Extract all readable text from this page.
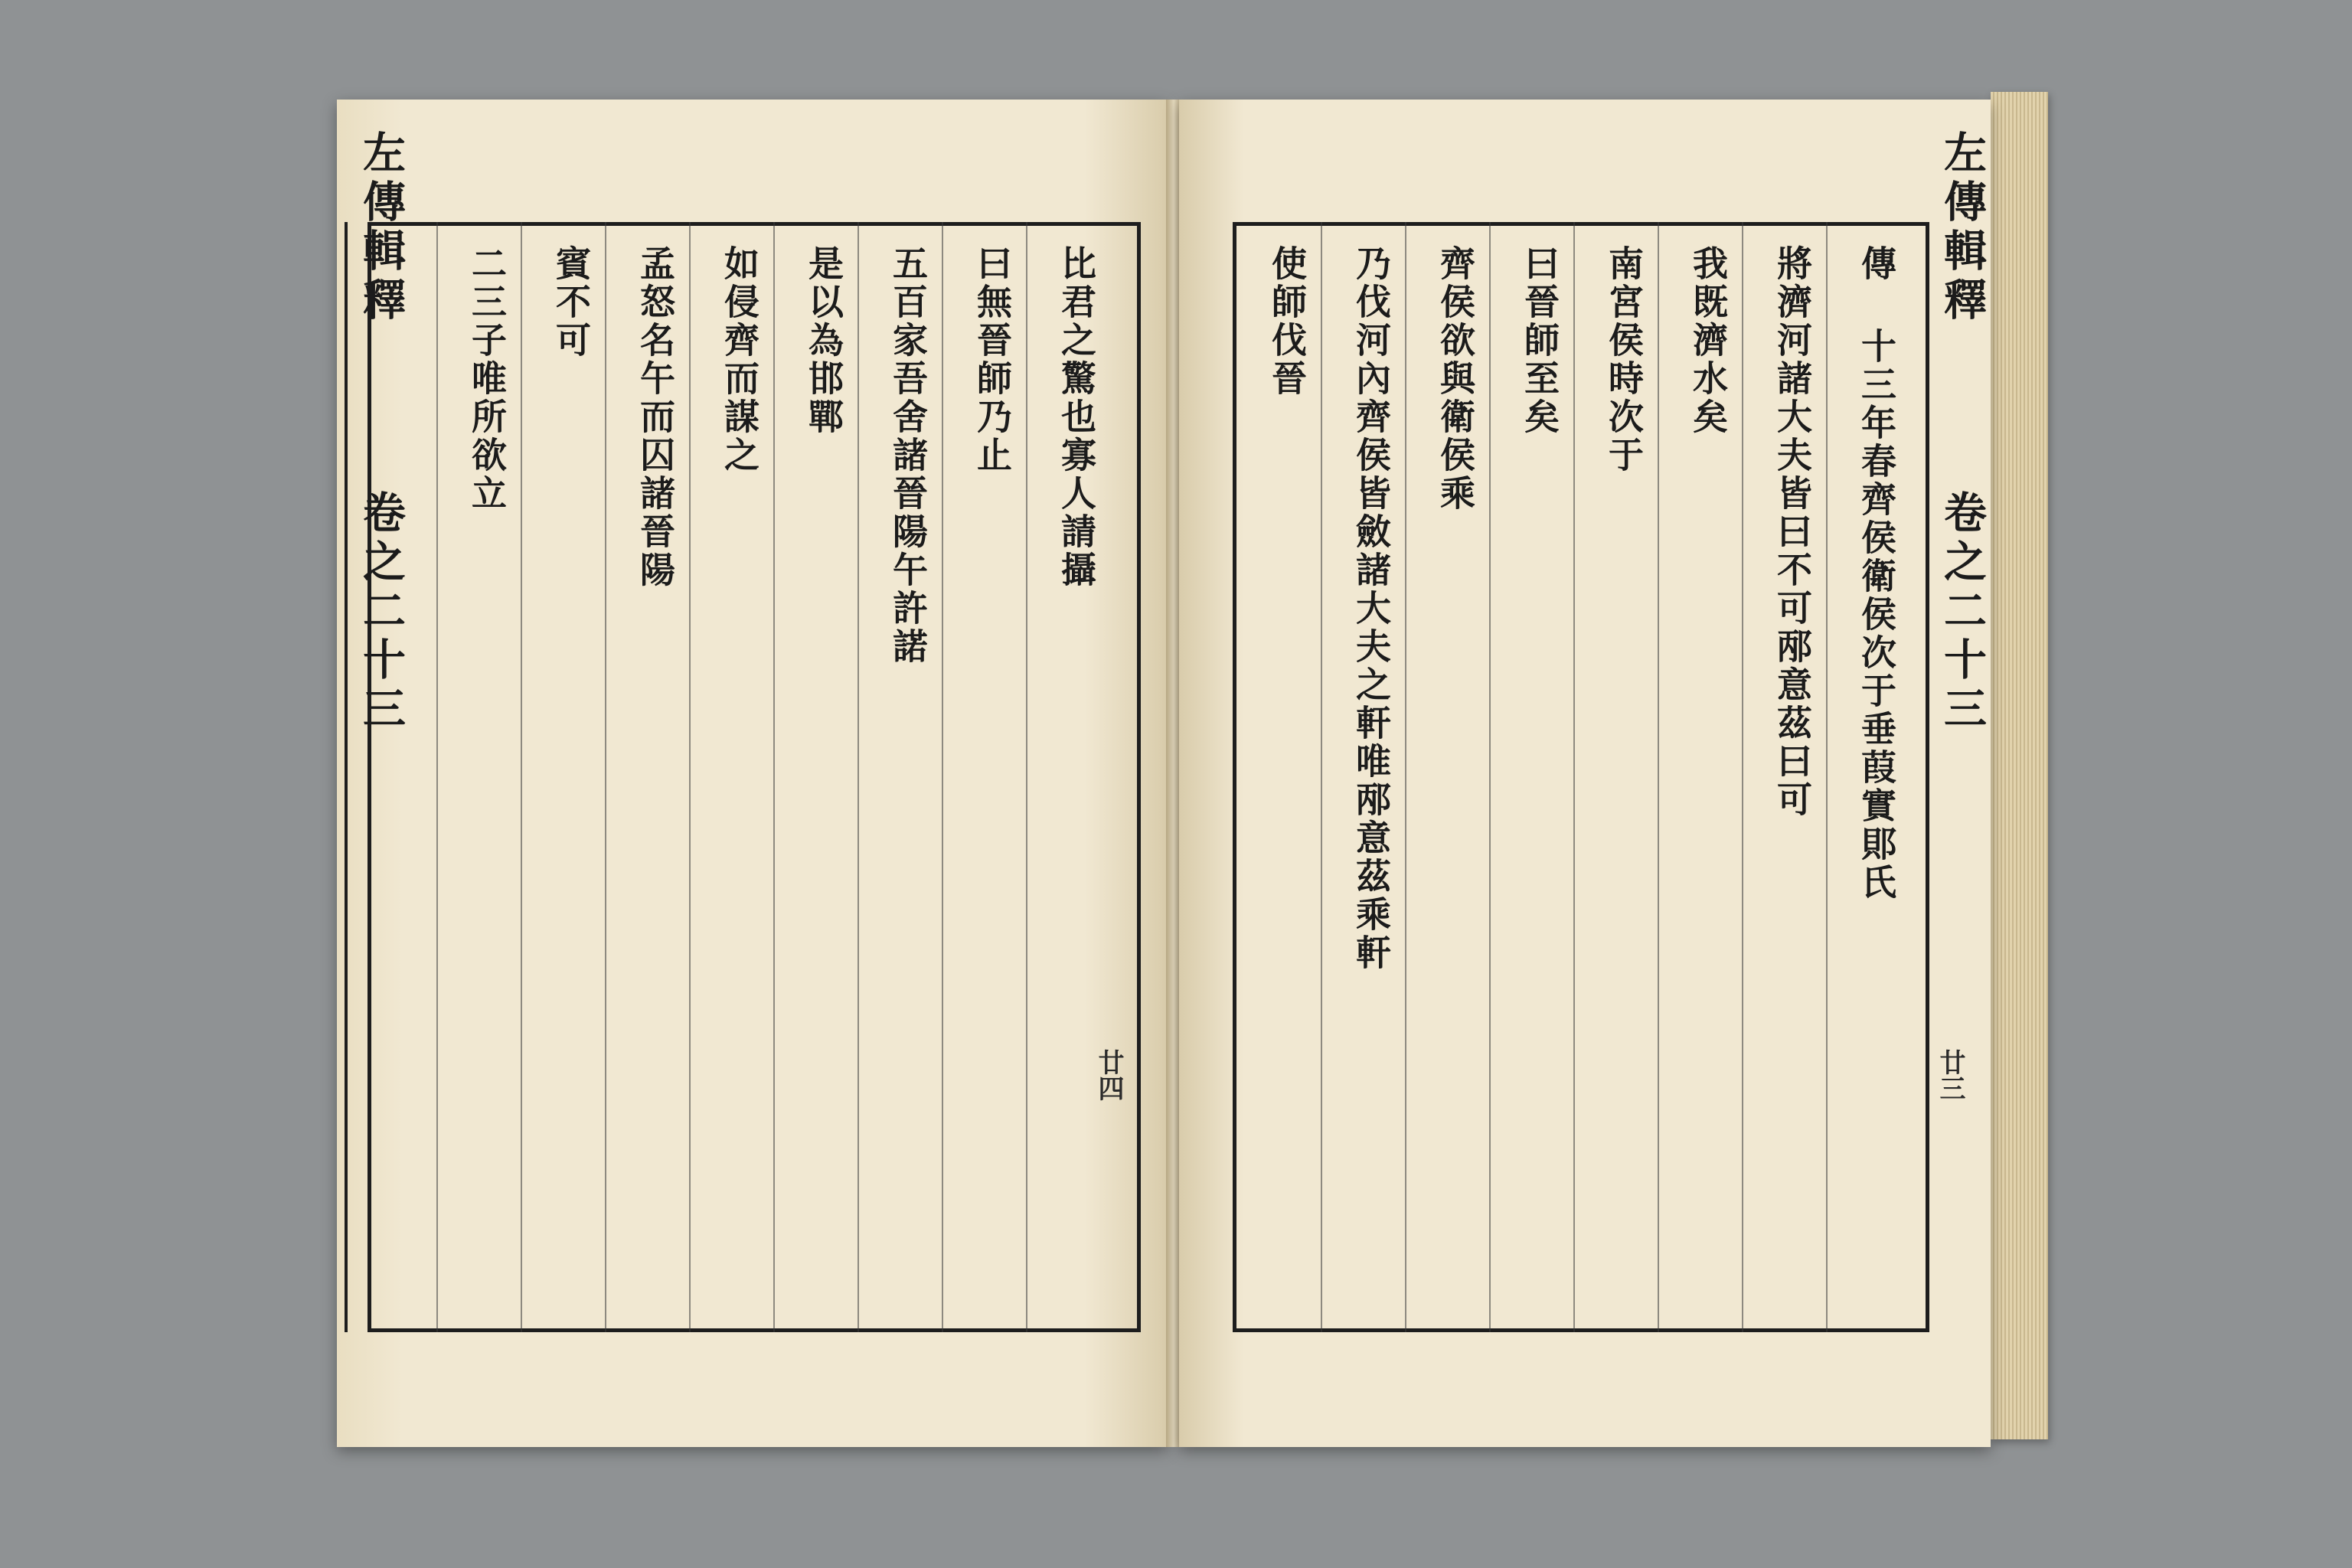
左傳輯釋
卷之二十三
廿四
比君之驚也寡人請攝
曰無晉師乃止
五百家吾舍諸晉陽午許諾
是以為邯鄲
如侵齊而謀之
孟怒名午而囚諸晉陽
賓不可
二三子唯所欲立
左傳輯釋
卷之二十三
廿三
傳 十三年春齊侯衛侯次于垂葭實郥氏
將濟河諸大夫皆曰不可邴意茲曰可
我既濟水矣
南宮侯時次于
曰晉師至矣
齊侯欲與衛侯乘
乃伐河內齊侯皆斂諸大夫之軒唯邴意茲乘軒
使師伐晉
